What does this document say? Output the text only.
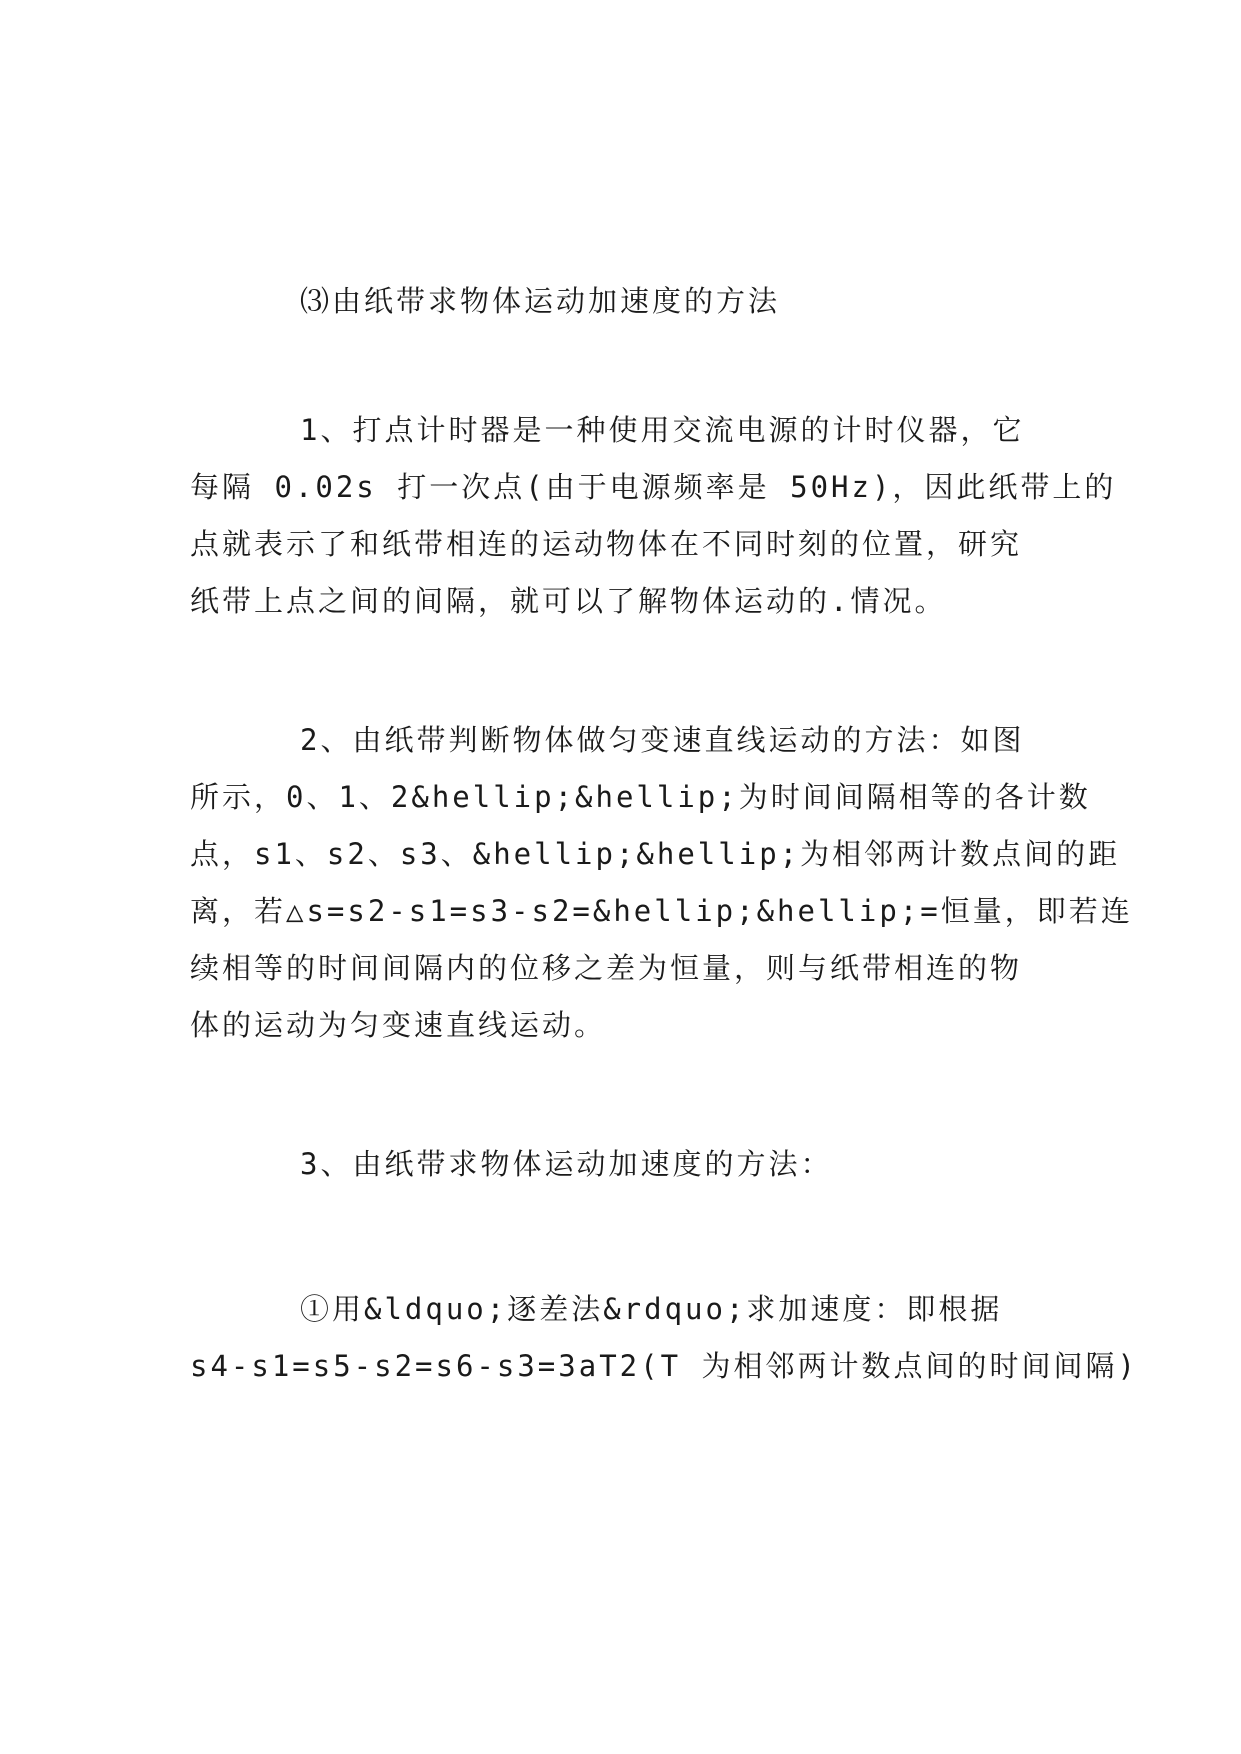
⑶由纸带求物体运动加速度的方法
1、打点计时器是一种使用交流电源的计时仪器，它
每隔 0.02s 打一次点(由于电源频率是 50Hz)，因此纸带上的
点就表示了和纸带相连的运动物体在不同时刻的位置，研究
纸带上点之间的间隔，就可以了解物体运动的.情况。
2、由纸带判断物体做匀变速直线运动的方法：如图
所示，0、1、2&hellip;&hellip;为时间间隔相等的各计数
点，s1、s2、s3、&hellip;&hellip;为相邻两计数点间的距
离，若△s=s2-s1=s3-s2=&hellip;&hellip;=恒量，即若连
续相等的时间间隔内的位移之差为恒量，则与纸带相连的物
体的运动为匀变速直线运动。
3、由纸带求物体运动加速度的方法：
①用&ldquo;逐差法&rdquo;求加速度：即根据
s4-s1=s5-s2=s6-s3=3aT2(T 为相邻两计数点间的时间间隔)
